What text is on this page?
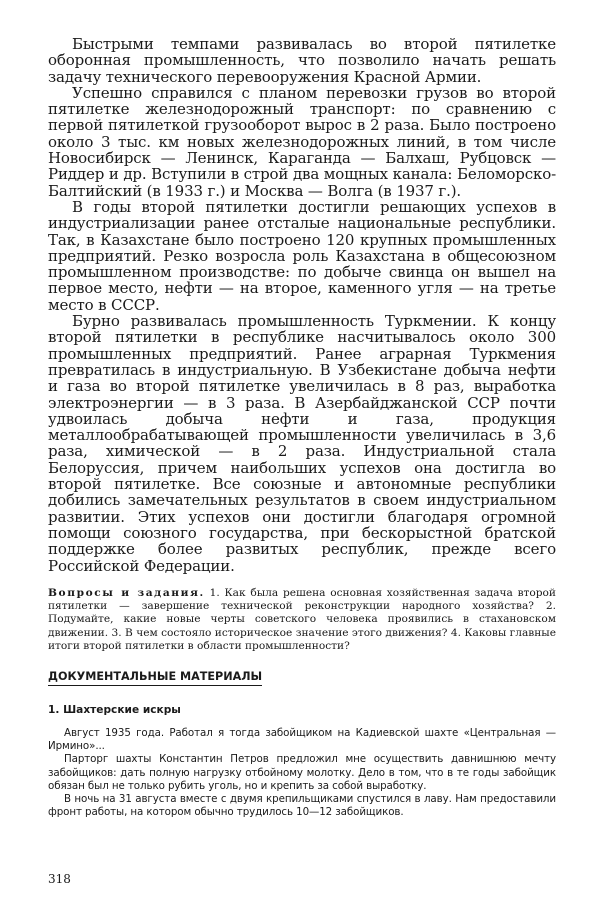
Быстрыми темпами развивалась во второй пятилетке оборонная промышленность, что позволило начать решать задачу технического перевооружения Красной Армии.

Успешно справился с планом перевозки грузов во второй пятилетке железнодорожный транспорт: по сравнению с первой пятилеткой грузооборот вырос в 2 раза. Было построено около 3 тыс. км новых железнодорожных линий, в том числе Новосибирск — Ленинск, Караганда — Балхаш, Рубцовск — Риддер и др. Вступили в строй два мощных канала: Беломорско-Балтийский (в 1933 г.) и Москва — Волга (в 1937 г.).

В годы второй пятилетки достигли решающих успехов в индустриализации ранее отсталые национальные республики. Так, в Казахстане было построено 120 крупных промышленных предприятий. Резко возросла роль Казахстана в общесоюзном промышленном производстве: по добыче свинца он вышел на первое место, нефти — на второе, каменного угля — на третье место в СССР.

Бурно развивалась промышленность Туркмении. К концу второй пятилетки в республике насчитывалось около 300 промышленных предприятий. Ранее аграрная Туркмения превратилась в индустриальную. В Узбекистане добыча нефти и газа во второй пятилетке увеличилась в 8 раз, выработка электроэнергии — в 3 раза. В Азербайджанской ССР почти удвоилась добыча нефти и газа, продукция металлообрабатывающей промышленности увеличилась в 3,6 раза, химической — в 2 раза. Индустриальной стала Белоруссия, причем наибольших успехов она достигла во второй пятилетке. Все союзные и автономные республики добились замечательных результатов в своем индустриальном развитии. Этих успехов они достигли благодаря огромной помощи союзного государства, при бескорыстной братской поддержке более развитых республик, прежде всего Российской Федерации.

Вопросы и задания. 1. Как была решена основная хозяйственная задача второй пятилетки — завершение технической реконструкции народного хозяйства? 2. Подумайте, какие новые черты советского человека проявились в стахановском движении. 3. В чем состояло историческое значение этого движения? 4. Каковы главные итоги второй пятилетки в области промышленности?
ДОКУМЕНТАЛЬНЫЕ МАТЕРИАЛЫ
1. Шахтерские искры

Август 1935 года. Работал я тогда забойщиком на Кадиевской шахте «Центральная — Ирмино»...

Парторг шахты Константин Петров предложил мне осуществить давнишнюю мечту забойщиков: дать полную нагрузку отбойному молотку. Дело в том, что в те годы забойщик обязан был не только рубить уголь, но и крепить за собой выработку.

В ночь на 31 августа вместе с двумя крепильщиками спустился в лаву. Нам предоставили фронт работы, на котором обычно трудилось 10—12 забойщиков.

318
